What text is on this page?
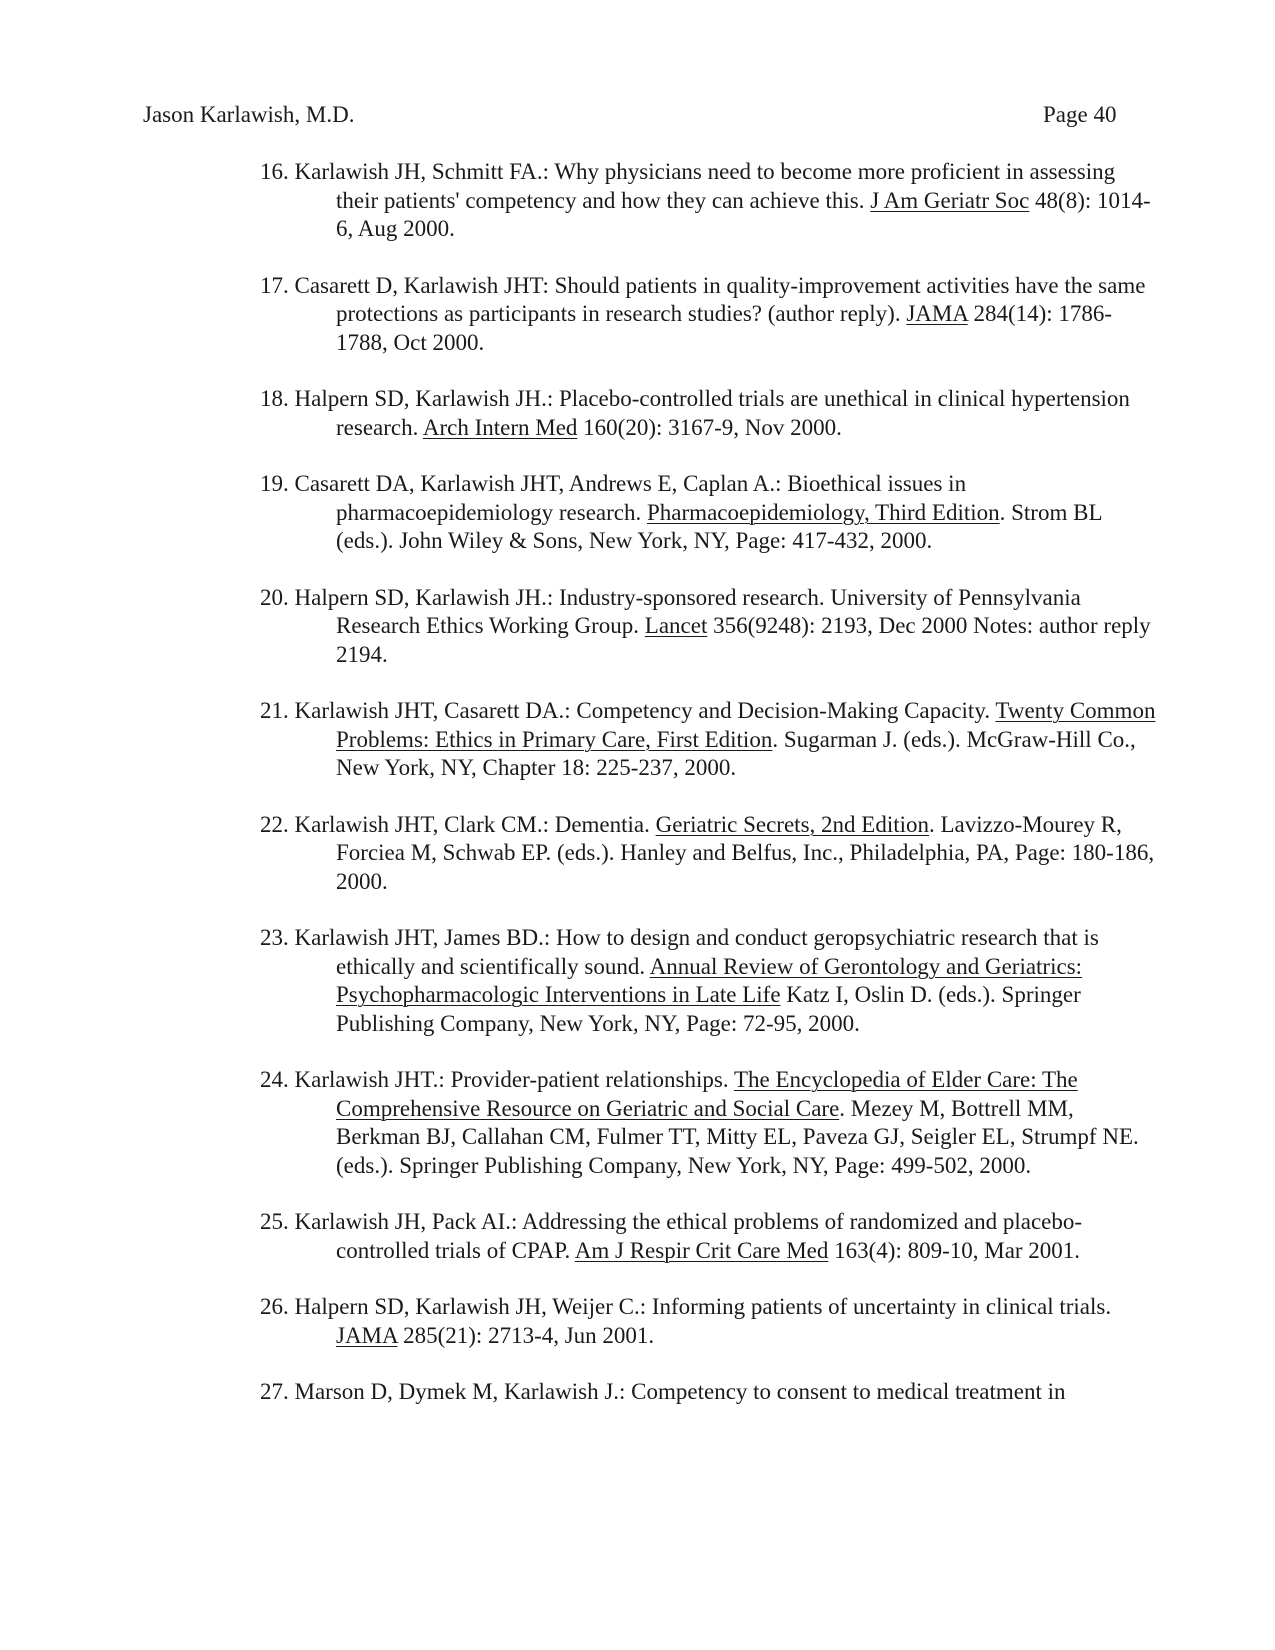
Jason Karlawish, M.D.	Page 40
16. Karlawish JH, Schmitt FA.: Why physicians need to become more proficient in assessing their patients' competency and how they can achieve this. J Am Geriatr Soc 48(8): 1014-6, Aug 2000.
17. Casarett D, Karlawish JHT: Should patients in quality-improvement activities have the same protections as participants in research studies? (author reply). JAMA 284(14): 1786-1788, Oct 2000.
18. Halpern SD, Karlawish JH.: Placebo-controlled trials are unethical in clinical hypertension research. Arch Intern Med 160(20): 3167-9, Nov 2000.
19. Casarett DA, Karlawish JHT, Andrews E, Caplan A.: Bioethical issues in pharmacoepidemiology research. Pharmacoepidemiology, Third Edition. Strom BL (eds.). John Wiley & Sons, New York, NY, Page: 417-432, 2000.
20. Halpern SD, Karlawish JH.: Industry-sponsored research. University of Pennsylvania Research Ethics Working Group. Lancet 356(9248): 2193, Dec 2000 Notes: author reply 2194.
21. Karlawish JHT, Casarett DA.: Competency and Decision-Making Capacity. Twenty Common Problems: Ethics in Primary Care, First Edition. Sugarman J. (eds.). McGraw-Hill Co., New York, NY, Chapter 18: 225-237, 2000.
22. Karlawish JHT, Clark CM.: Dementia. Geriatric Secrets, 2nd Edition. Lavizzo-Mourey R, Forciea M, Schwab EP. (eds.). Hanley and Belfus, Inc., Philadelphia, PA, Page: 180-186, 2000.
23. Karlawish JHT, James BD.: How to design and conduct geropsychiatric research that is ethically and scientifically sound. Annual Review of Gerontology and Geriatrics: Psychopharmacologic Interventions in Late Life Katz I, Oslin D. (eds.). Springer Publishing Company, New York, NY, Page: 72-95, 2000.
24. Karlawish JHT.: Provider-patient relationships. The Encyclopedia of Elder Care: The Comprehensive Resource on Geriatric and Social Care. Mezey M, Bottrell MM, Berkman BJ, Callahan CM, Fulmer TT, Mitty EL, Paveza GJ, Seigler EL, Strumpf NE. (eds.). Springer Publishing Company, New York, NY, Page: 499-502, 2000.
25. Karlawish JH, Pack AI.: Addressing the ethical problems of randomized and placebo-controlled trials of CPAP. Am J Respir Crit Care Med 163(4): 809-10, Mar 2001.
26. Halpern SD, Karlawish JH, Weijer C.: Informing patients of uncertainty in clinical trials. JAMA 285(21): 2713-4, Jun 2001.
27. Marson D, Dymek M, Karlawish J.: Competency to consent to medical treatment in
